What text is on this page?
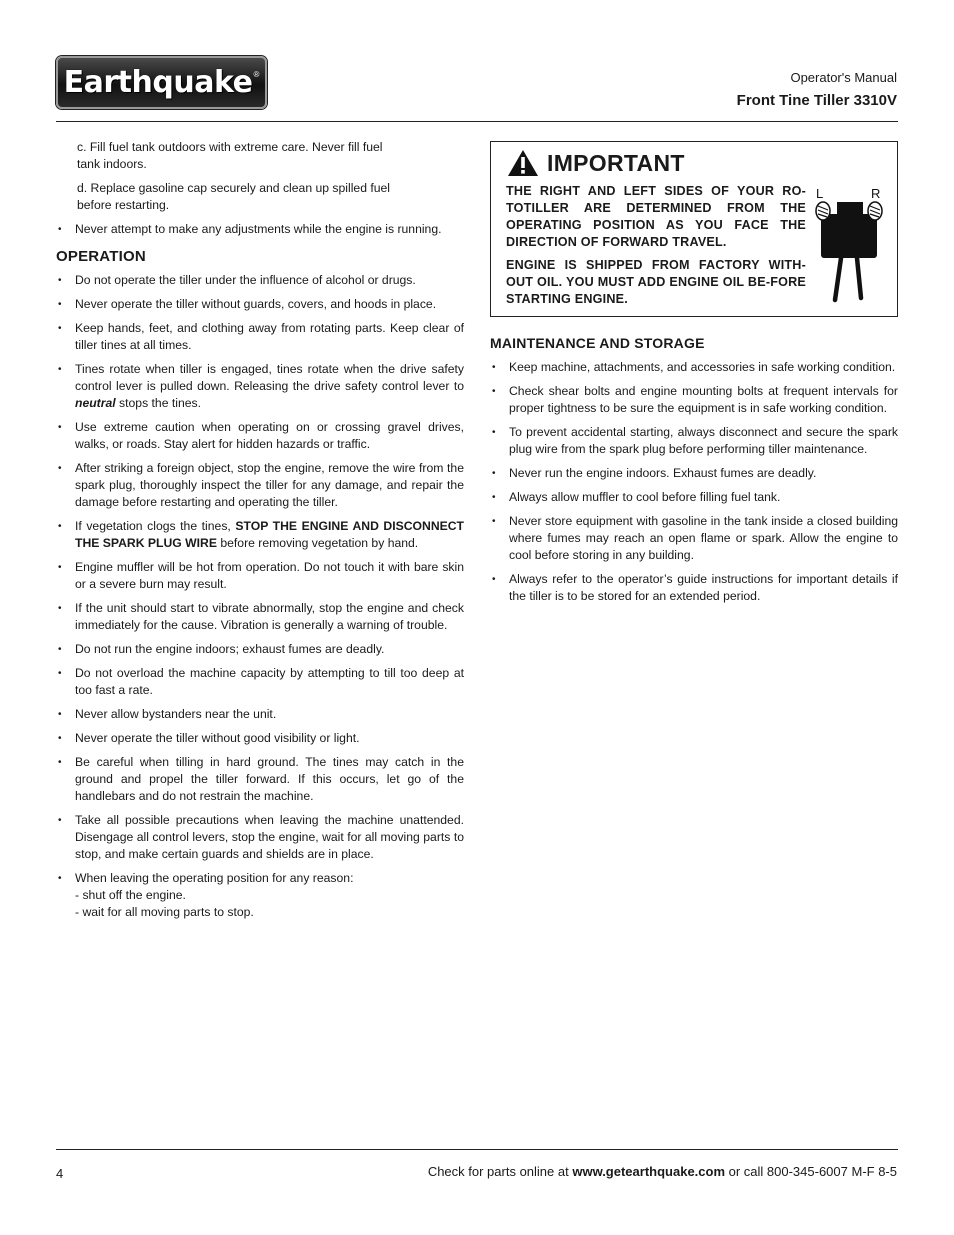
Earthquake®	Operator's Manual
Front Tine Tiller 3310V

c. Fill fuel tank outdoors with extreme care. Never fill fuel

tank indoors.

d. Replace gasoline cap securely and clean up spilled fuel

before restarting.

• Never attempt to make any adjustments while the engine is running.
OPERATION
• Do not operate the tiller under the influence of alcohol or drugs.
• Never operate the tiller without guards, covers, and hoods in place.
• Keep hands, feet, and clothing away from rotating parts. Keep clear of tiller tines at all times.
• Tines rotate when tiller is engaged, tines rotate when the drive safety control lever is pulled down. Releasing the drive safety control lever to neutral stops the tines.
• Use extreme caution when operating on or crossing gravel drives, walks, or roads. Stay alert for hidden hazards or traffic.
• After striking a foreign object, stop the engine, remove the wire from the spark plug, thoroughly inspect the tiller for any damage, and repair the damage before restarting and operating the tiller.
• If vegetation clogs the tines, STOP THE ENGINE AND DISCONNECT THE SPARK PLUG WIRE before removing vegetation by hand.
• Engine muffler will be hot from operation. Do not touch it with bare skin or a severe burn may result.
• If the unit should start to vibrate abnormally, stop the engine and check immediately for the cause. Vibration is generally a warning of trouble.
• Do not run the engine indoors; exhaust fumes are deadly.
• Do not overload the machine capacity by attempting to till too deep at too fast a rate.
• Never allow bystanders near the unit.
• Never operate the tiller without good visibility or light.
• Be careful when tilling in hard ground. The tines may catch in the ground and propel the tiller forward. If this occurs, let go of the handlebars and do not restrain the machine.
• Take all possible precautions when leaving the machine unattended. Disengage all control levers, stop the engine, wait for all moving parts to stop, and make certain guards and shields are in place.
• When leaving the operating position for any reason:
- shut off the engine.
- wait for all moving parts to stop.
IMPORTANT

THE RIGHT AND LEFT SIDES OF YOUR RO-TOTILLER ARE DETERMINED FROM THE OPERATING POSITION AS YOU FACE THE DIRECTION OF FORWARD TRAVEL.

ENGINE IS SHIPPED FROM FACTORY WITH-OUT OIL. YOU MUST ADD ENGINE OIL BE-FORE STARTING ENGINE.

L	R
MAINTENANCE AND STORAGE
• Keep machine, attachments, and accessories in safe working condition.
• Check shear bolts and engine mounting bolts at frequent intervals for proper tightness to be sure the equipment is in safe working condition.
• To prevent accidental starting, always disconnect and secure the spark plug wire from the spark plug before performing tiller maintenance.
• Never run the engine indoors. Exhaust fumes are deadly.
• Always allow muffler to cool before filling fuel tank.
• Never store equipment with gasoline in the tank inside a closed building where fumes may reach an open flame or spark. Allow the engine to cool before storing in any building.
• Always refer to the operator’s guide instructions for important details if the tiller is to be stored for an extended period.
4	Check for parts online at www.getearthquake.com or call 800-345-6007 M-F 8-5
